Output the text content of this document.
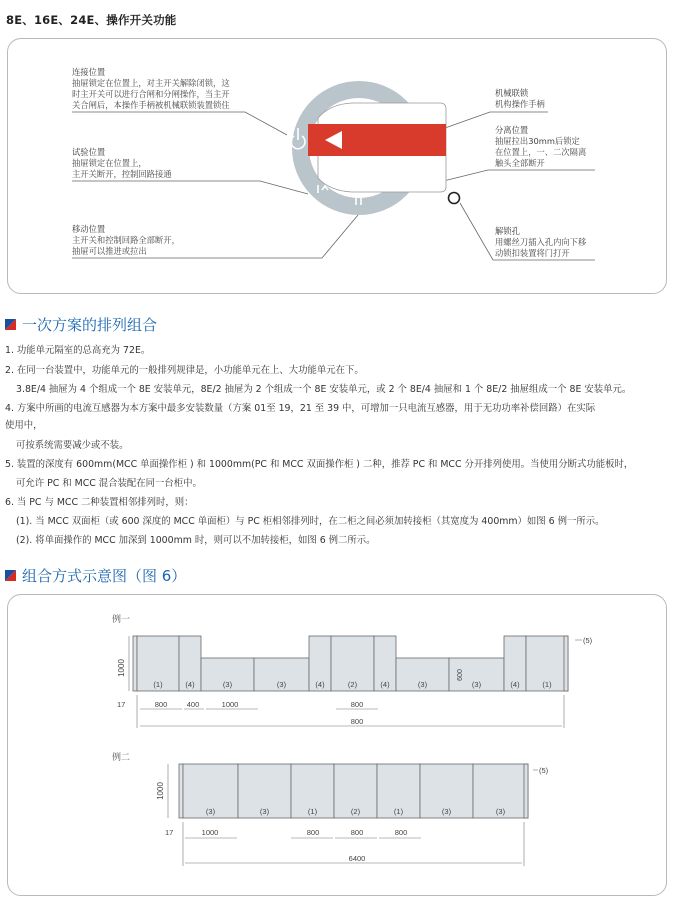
8E、16E、24E、操作开关功能
连接位置
抽屉锁定在位置上，对主开关解除闭锁，这
时主开关可以进行合闸和分闸操作，当主开
关合闸后，本操作手柄被机械联锁装置锁住
试验位置
抽屉锁定在位置上，
主开关断开，控制回路接通
移动位置
主开关和控制回路全部断开，
抽屉可以推进或拉出
机械联锁
机构操作手柄
分离位置
抽屉拉出30mm后锁定
在位置上，一、二次隔离
触头全部断开
解锁孔
用螺丝刀插入孔内向下移
动锁扣装置将门打开
一次方案的排列组合
1. 功能单元隔室的总高充为 72E。
2. 在同一台装置中，功能单元的一般排列规律是，小功能单元在上、大功能单元在下。
3.8E/4 抽屉为 4 个组成一个 8E 安装单元，8E/2 抽屉为 2 个组成一个 8E 安装单元，或 2 个 8E/4 抽屉和 1 个 8E/2 抽屉组成一个 8E 安装单元。
4. 方案中所画的电流互感器为本方案中最多安装数量（方案 01至 19，21 至 39 中，可增加一只电流互感器，用于无功功率补偿回路）在实际
使用中，
可按系统需要减少或不装。
5. 装置的深度有 600mm(MCC 单面操作柜 ) 和 1000mm(PC 和 MCC 双面操作柜 ) 二种，推荐 PC 和 MCC 分开排列使用。当使用分断式功能板时，
可允许 PC 和 MCC 混合装配在同一台柜中。
6. 当 PC 与 MCC 二种装置相邻排列时，则：
(1). 当 MCC 双面柜（或 600 深度的 MCC 单面柜）与 PC 柜相邻排列时，在二柜之间必须加转接柜（其宽度为 400mm）如图 6 例一所示。
(2). 将单面操作的 MCC 加深到 1000mm 时，则可以不加转接柜，如图 6 例二所示。
组合方式示意图（图 6）
例一
(1)	(4)	(3)	(3)	(4)	(2)	(4)	(3)	(3)	(4)	(1)
1000	600
(5)
17	800	400	1000	800
800
例二
(3)	(3)	(1)	(2)	(1)	(3)	(3)
1000
(5)
17	1000	800	800	800
6400
